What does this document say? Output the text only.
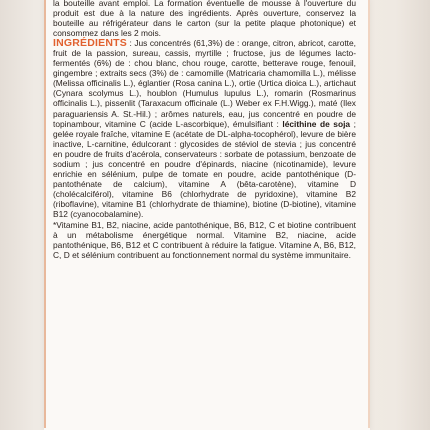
la bouteille avant emploi. La formation éventuelle de mousse à l'ouverture du produit est due à la nature des ingrédients. Après ouverture, conservez la bouteille au réfrigérateur dans le carton (sur la petite plaque photonique) et consommez dans les 2 mois.

INGRÉDIENTS : Jus concentrés (61,3%) de : orange, citron, abricot, carotte, fruit de la passion, sureau, cassis, myrtille ; fructose, jus de légumes lacto-fermentés (6%) de : chou blanc, chou rouge, carotte, betterave rouge, fenouil, gingembre ; extraits secs (3%) de : camomille (Matricaria chamomilla L.), mélisse (Melissa officinalis L.), églantier (Rosa canina L.), ortie (Urtica dioica L.), artichaut (Cynara scolymus L.), houblon (Humulus lupulus L.), romarin (Rosmarinus officinalis L.), pissenlit (Taraxacum officinale (L.) Weber ex F.H.Wigg.), maté (Ilex paraguariensis A. St.-Hil.) ; arômes naturels, eau, jus concentré en poudre de topinambour, vitamine C (acide L-ascorbique), émulsifiant : lécithine de soja ; gelée royale fraîche, vitamine E (acétate de DL-alpha-tocophérol), levure de bière inactive, L-carnitine, édulcorant : glycosides de stéviol de stevia ; jus concentré en poudre de fruits d'acérola, conservateurs : sorbate de potassium, benzoate de sodium ; jus concentré en poudre d'épinards, niacine (nicotinamide), levure enrichie en sélénium, pulpe de tomate en poudre, acide pantothénique (D-pantothénate de calcium), vitamine A (bêta-carotène), vitamine D (cholécalciférol), vitamine B6 (chlorhydrate de pyridoxine), vitamine B2 (riboflavine), vitamine B1 (chlorhydrate de thiamine), biotine (D-biotine), vitamine B12 (cyanocobalamine).

*Vitamine B1, B2, niacine, acide pantothénique, B6, B12, C et biotine contribuent à un métabolisme énergétique normal. Vitamine B2, niacine, acide pantothénique, B6, B12 et C contribuent à réduire la fatigue. Vitamine A, B6, B12, C, D et sélénium contribuent au fonctionnement normal du système immunitaire.
